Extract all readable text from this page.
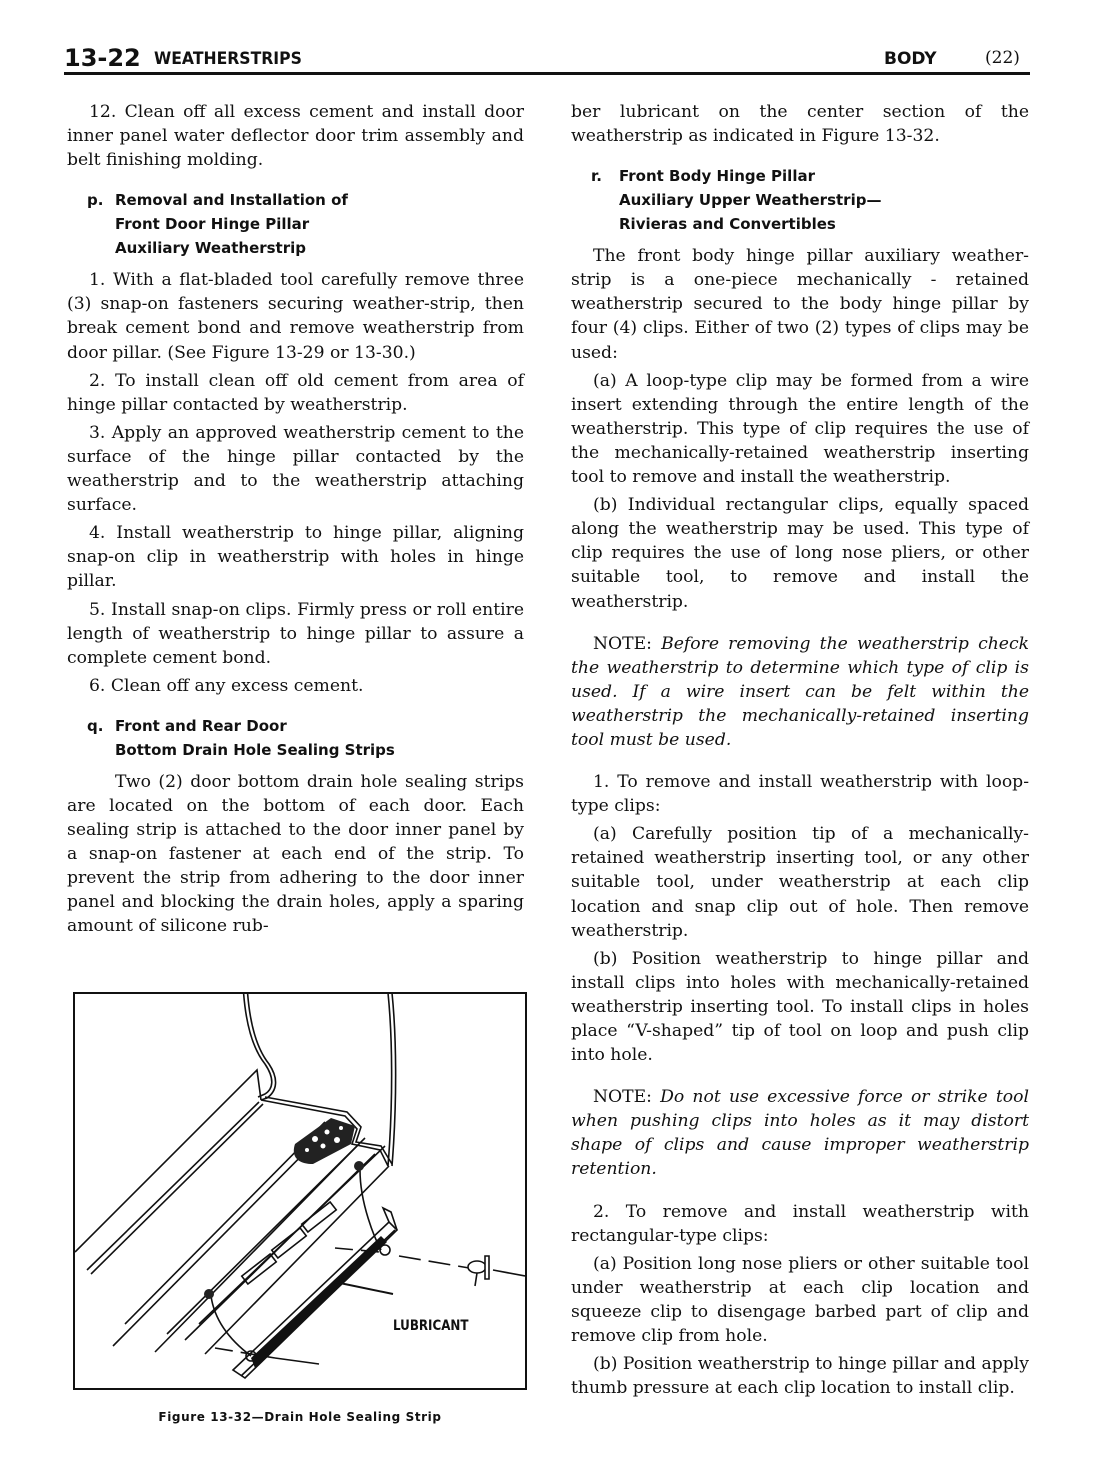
13-22 WEATHERSTRIPS	BODY	(22)

12. Clean off all excess cement and install door inner panel water deflector door trim assembly and belt finishing molding.

p. Removal and Installation of
Front Door Hinge Pillar
Auxiliary Weatherstrip

1. With a flat-bladed tool carefully remove three (3) snap-on fasteners securing weather-strip, then break cement bond and remove weatherstrip from door pillar. (See Figure 13-29 or 13-30.)

2. To install clean off old cement from area of hinge pillar contacted by weatherstrip.

3. Apply an approved weatherstrip cement to the surface of the hinge pillar contacted by the weatherstrip and to the weatherstrip attaching surface.

4. Install weatherstrip to hinge pillar, aligning snap-on clip in weatherstrip with holes in hinge pillar.

5. Install snap-on clips. Firmly press or roll entire length of weatherstrip to hinge pillar to assure a complete cement bond.

6. Clean off any excess cement.

q. Front and Rear Door
Bottom Drain Hole Sealing Strips

Two (2) door bottom drain hole sealing strips are located on the bottom of each door. Each sealing strip is attached to the door inner panel by a snap-on fastener at each end of the strip. To prevent the strip from adhering to the door inner panel and blocking the drain holes, apply a sparing amount of silicone rub-

LUBRICANT
Figure 13-32—Drain Hole Sealing Strip

ber lubricant on the center section of the weatherstrip as indicated in Figure 13-32.

r.	Front Body Hinge Pillar
Auxiliary Upper Weatherstrip—
Rivieras and Convertibles

The front body hinge pillar auxiliary weather-strip is a one-piece mechanically - retained weatherstrip secured to the body hinge pillar by four (4) clips. Either of two (2) types of clips may be used:

(a) A loop-type clip may be formed from a wire insert extending through the entire length of the weatherstrip. This type of clip requires the use of the mechanically-retained weatherstrip inserting tool to remove and install the weatherstrip.

(b) Individual rectangular clips, equally spaced along the weatherstrip may be used. This type of clip requires the use of long nose pliers, or other suitable tool, to remove and install the weatherstrip.

NOTE: Before removing the weatherstrip check the weatherstrip to determine which type of clip is used. If a wire insert can be felt within the weatherstrip the mechanically-retained inserting tool must be used.

1. To remove and install weatherstrip with loop-type clips:

(a) Carefully position tip of a mechanically-retained weatherstrip inserting tool, or any other suitable tool, under weatherstrip at each clip location and snap clip out of hole. Then remove weatherstrip.

(b) Position weatherstrip to hinge pillar and install clips into holes with mechanically-retained weatherstrip inserting tool. To install clips in holes place “V-shaped” tip of tool on loop and push clip into hole.

NOTE: Do not use excessive force or strike tool when pushing clips into holes as it may distort shape of clips and cause improper weatherstrip retention.

2. To remove and install weatherstrip with rectangular-type clips:

(a) Position long nose pliers or other suitable tool under weatherstrip at each clip location and squeeze clip to disengage barbed part of clip and remove clip from hole.

(b) Position weatherstrip to hinge pillar and apply thumb pressure at each clip location to install clip.
